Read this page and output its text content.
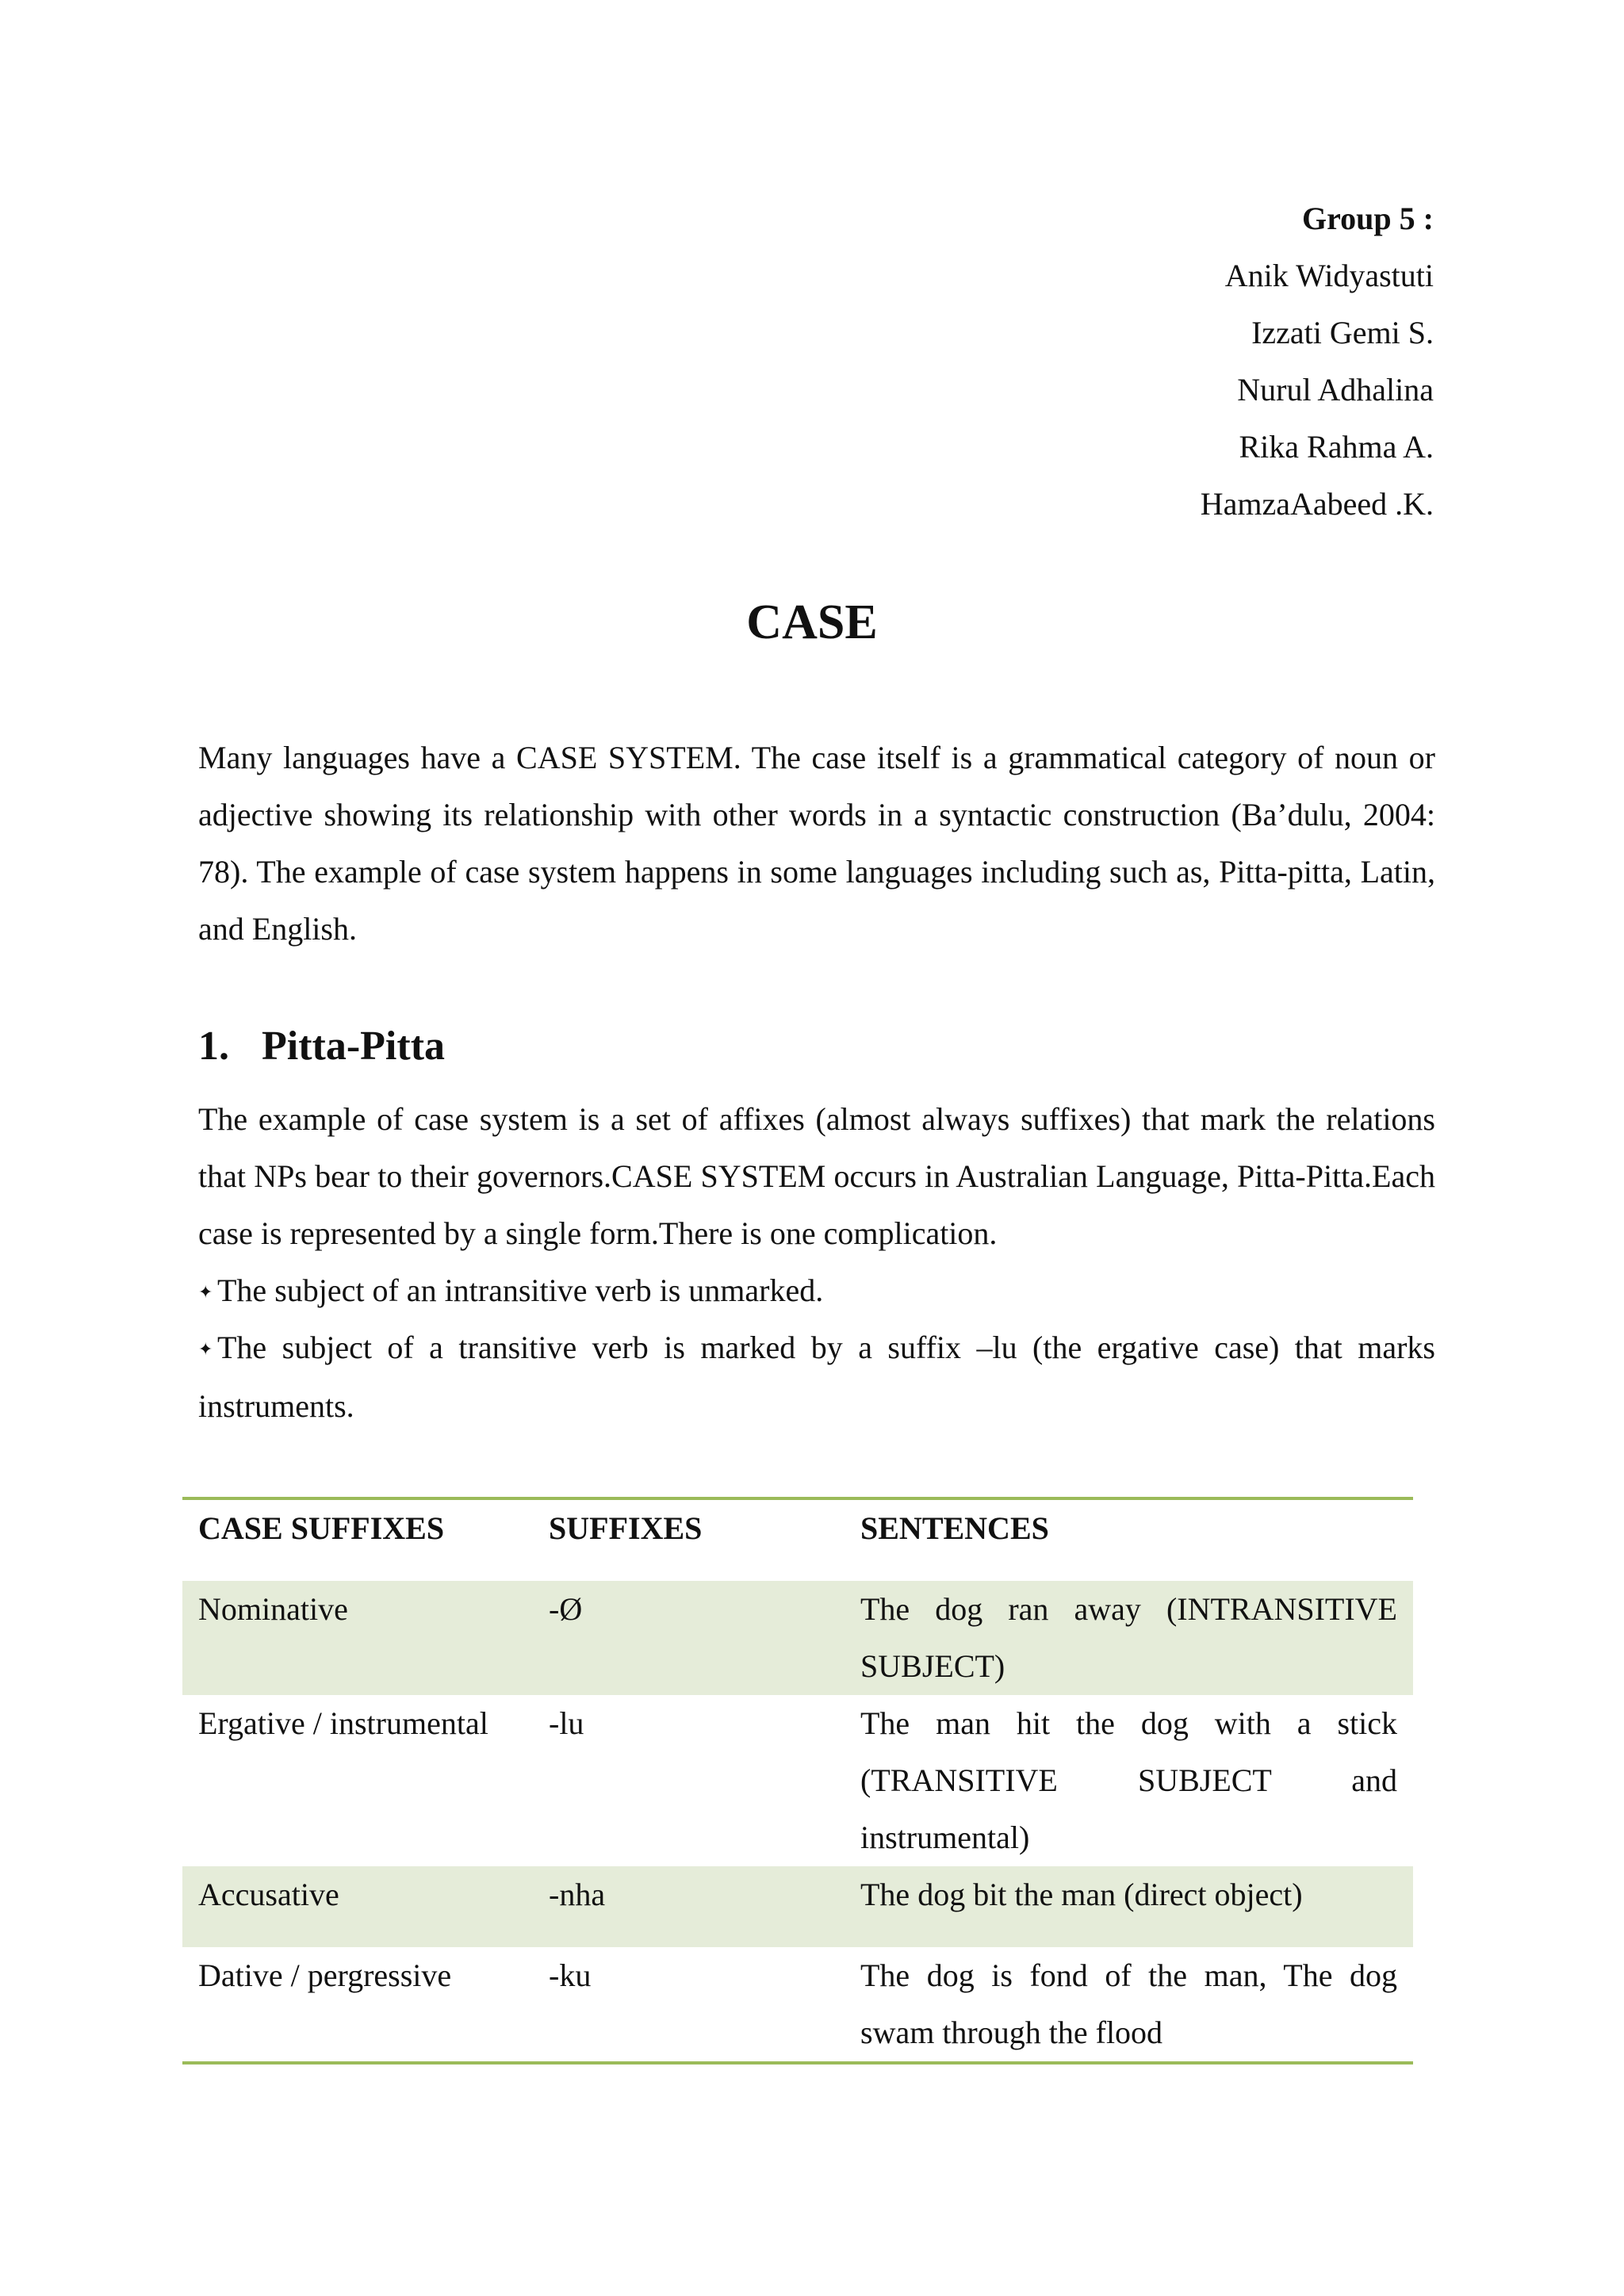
Group 5 :
Anik Widyastuti
Izzati Gemi S.
Nurul Adhalina
Rika Rahma A.
HamzaAabeed .K.
CASE

Many languages have a CASE SYSTEM. The case itself is a grammatical category of noun or adjective showing its relationship with other words in a syntactic construction (Ba’dulu, 2004: 78). The example of case system happens in some languages including such as, Pitta-pitta, Latin, and English.

1. Pitta-Pitta

The example of case system is a set of affixes (almost always suffixes) that mark the relations that NPs bear to their governors.CASE SYSTEM occurs in Australian Language, Pitta-Pitta.Each case is represented by a single form.There is one complication.

✦ The subject of an intransitive verb is unmarked.

✦ The subject of a transitive verb is marked by a suffix –lu (the ergative case) that marks instruments.

CASE SUFFIXES	SUFFIXES	SENTENCES
Nominative	-Ø	The dog ran away (INTRANSITIVE SUBJECT)
Ergative / instrumental	-lu	The man hit the dog with a stick (TRANSITIVE SUBJECT and instrumental)
Accusative	-nha	The dog bit the man (direct object)
Dative / pergressive	-ku	The dog is fond of the man, The dog swam through the flood
